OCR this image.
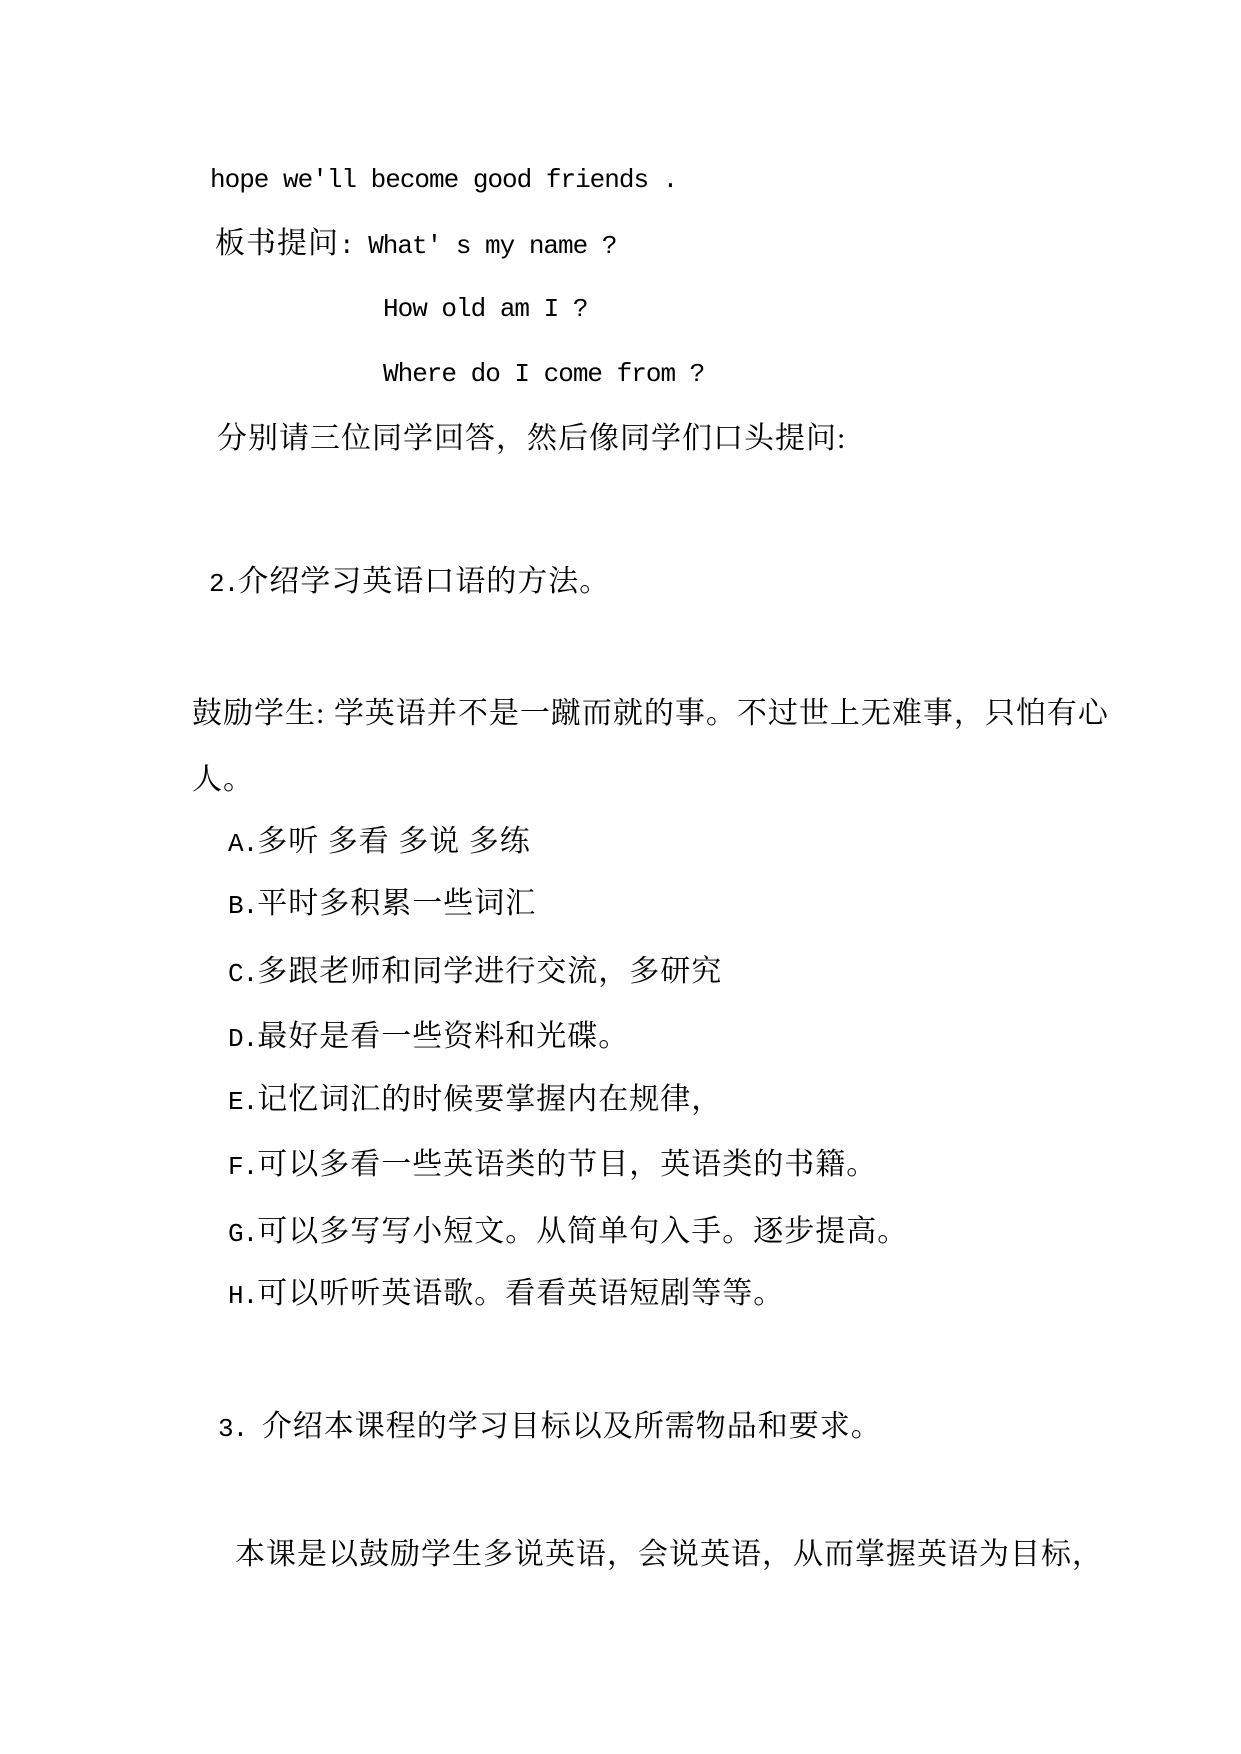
hope we'll become good friends .
板书提问: What' s my name ?
How old am I ?
Where do I come from ?
分别请三位同学回答，然后像同学们口头提问:
2.介绍学习英语口语的方法。
鼓励学生: 学英语并不是一蹴而就的事。不过世上无难事，只怕有心
人。
A.多听 多看 多说 多练
B.平时多积累一些词汇
C.多跟老师和同学进行交流，多研究
D.最好是看一些资料和光碟。
E.记忆词汇的时候要掌握内在规律，
F.可以多看一些英语类的节目，英语类的书籍。
G.可以多写写小短文。从简单句入手。逐步提高。
H.可以听听英语歌。看看英语短剧等等。
3. 介绍本课程的学习目标以及所需物品和要求。
本课是以鼓励学生多说英语，会说英语，从而掌握英语为目标，
